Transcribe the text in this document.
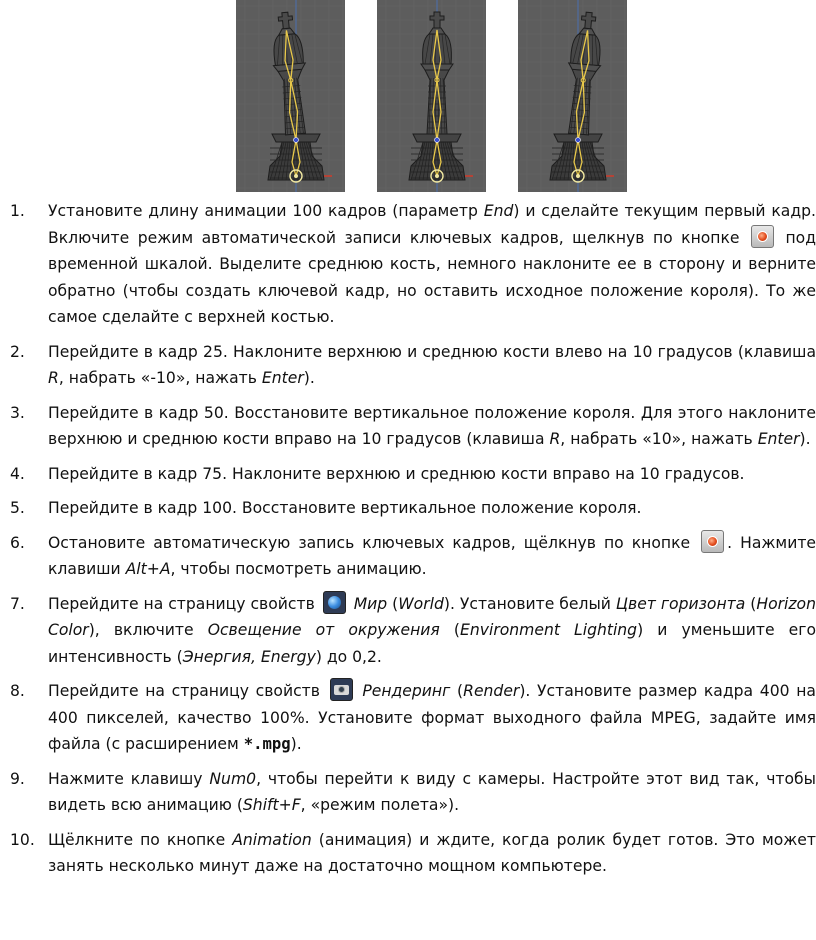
1. Установите длину анимации 100 кадров (параметр End) и сделайте текущим первый кадр. Включите режим автоматической записи ключевых кадров, щелкнув по кнопке  под временной шкалой. Выделите среднюю кость, немного наклоните ее в сторону и верните обратно (чтобы создать ключевой кадр, но оставить исходное положение короля). То же самое сделайте с верхней костью.
2. Перейдите в кадр 25. Наклоните верхнюю и среднюю кости влево на 10 градусов (клавиша R, набрать «-10», нажать Enter).
3. Перейдите в кадр 50. Восстановите вертикальное положение короля. Для этого наклоните верхнюю и среднюю кости вправо на 10 градусов (клавиша R, набрать «10», нажать Enter).
4. Перейдите в кадр 75. Наклоните верхнюю и среднюю кости вправо на 10 градусов.
5. Перейдите в кадр 100. Восстановите вертикальное положение короля.
6. Остановите автоматическую запись ключевых кадров, щёлкнув по кнопке . Нажмите клавиши Alt+A, чтобы посмотреть анимацию.
7. Перейдите на страницу свойств  Мир (World). Установите белый Цвет горизонта (Horizon Color), включите Освещение от окружения (Environment Lighting) и уменьшите его интенсивность (Энергия, Energy) до 0,2.
8. Перейдите на страницу свойств  Рендеринг (Render). Установите размер кадра 400 на 400 пикселей, качество 100%. Установите формат выходного файла MPEG, задайте имя файла (с расширением *.mpg).
9. Нажмите клавишу Num0, чтобы перейти к виду с камеры. Настройте этот вид так, чтобы видеть всю анимацию (Shift+F, «режим полета»).
10. Щёлкните по кнопке Animation (анимация) и ждите, когда ролик будет готов. Это может занять несколько минут даже на достаточно мощном компьютере.
